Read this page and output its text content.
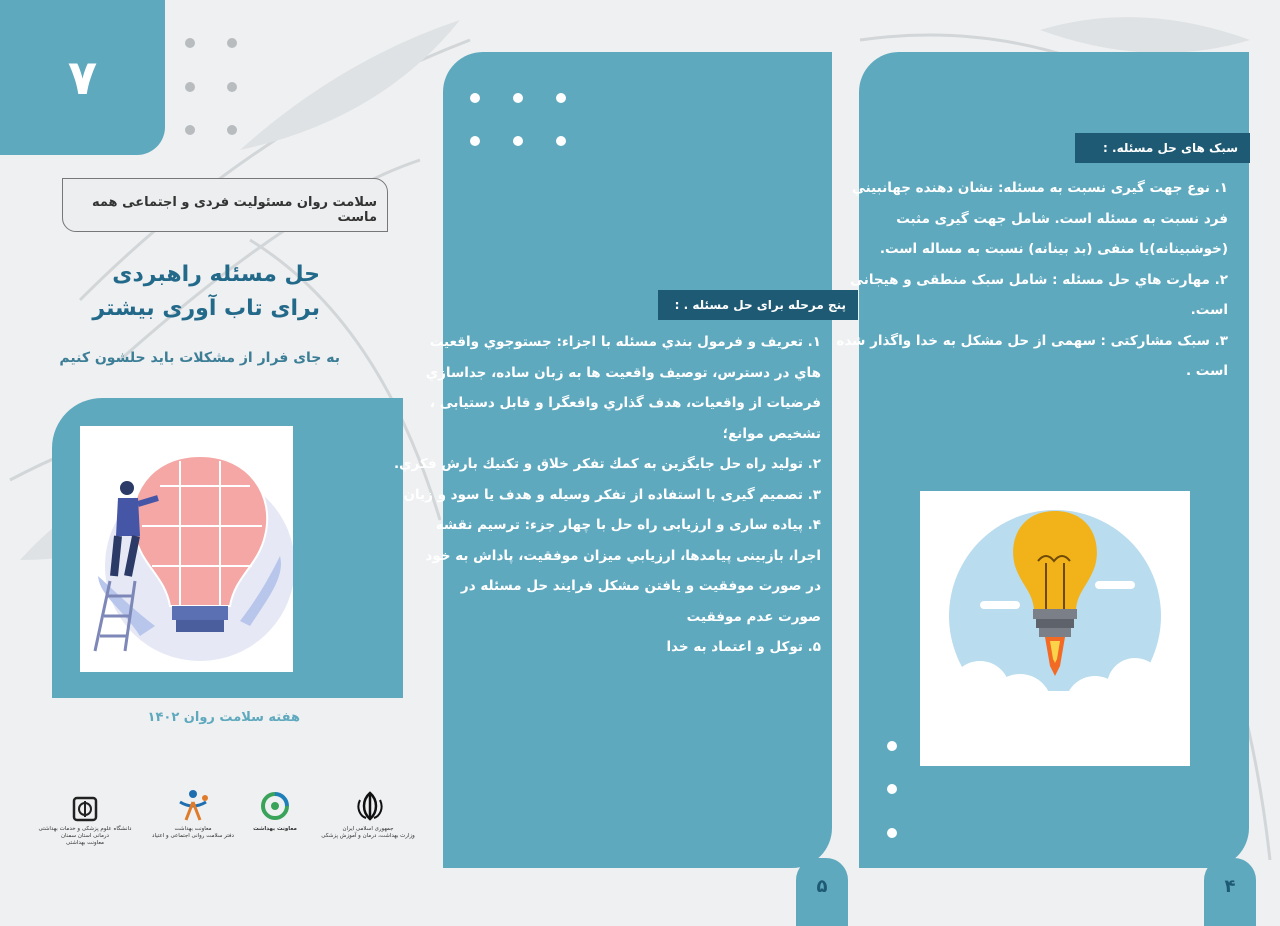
۷
سلامت روان مسئولیت فردی و اجتماعی همه ماست
حل مسئله راهبردی
برای تاب آوری بیشتر
به جای فرار از مشکلات باید حلشون کنیم
هفته سلامت روان ۱۴۰۲
جمهوری اسلامی ایران
وزارت بهداشت، درمان و آموزش پزشکی
معاونت بهداشت
معاونت بهداشت
دفتر سلامت روانی اجتماعی و اعتیاد
دانشگاه علوم پزشکی و خدمات بهداشتی درمانی استان سمنان
معاونت بهداشتی
پنج مرحله برای حل مسئله . :

۱. تعریف و فرمول بندي مسئله با اجزاء: جستوجوي واقعیت

هاي در دسترس، توصیف واقعیت ها به زبان ساده، جداسازي

فرضیات از واقعیات، هدف گذاري واقعگرا و قابل دستیابی ،

تشخیص موانع؛

۲. تولید راه حل جایگزین به کمك تفکر خلاق و تکنیك بارش فکري.

۳. تصمیم گیری با استفاده از تفکر وسیله و هدف یا سود و زیان

۴. پیاده ساری و ارزیابی راه حل با چهار جزء: ترسیم نقشه

اجرا، بازبینی پیامدها، ارزیابي میزان موفقیت، پاداش به خود

در صورت موفقیت و یافتن مشکل فرایند حل مسئله در

صورت عدم موفقیت

۵. توکل و اعتماد به خدا

۵
سبک های حل مسئله. :

۱. نوع جهت گیری نسبت به مسئله: نشان دهنده جهانبیني

فرد نسبت به مسئله است. شامل جهت گیری مثبت

(خوشبینانه)یا منفی (بد بینانه) نسبت به مساله است.

۲. مهارت هاي حل مسئله : شامل سبک منطقی و هیجانی

است.

۳. سبک مشارکتی : سهمی از حل مشکل به خدا واگذار شده

است .

۴
